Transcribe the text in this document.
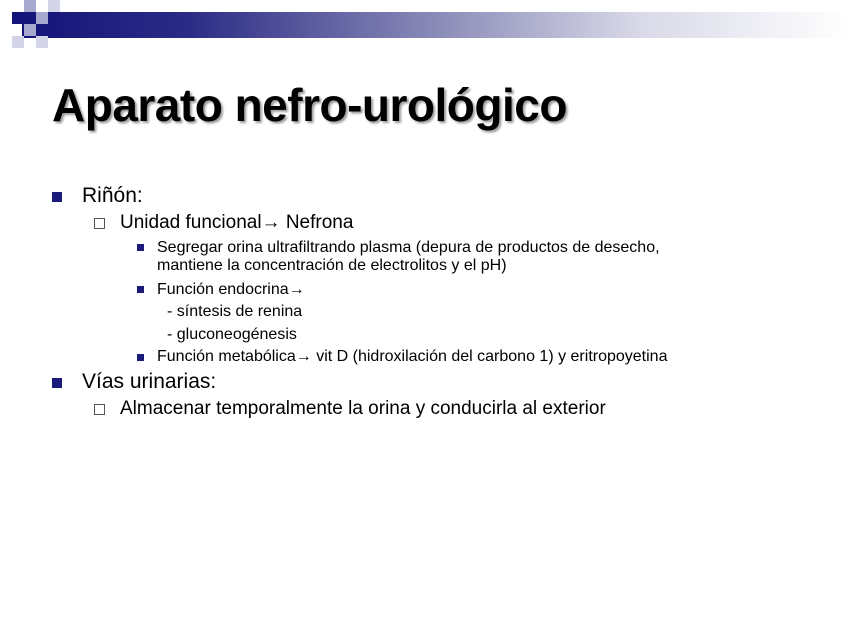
Aparato nefro-urológico
Riñón:
Unidad funcional→ Nefrona
Segregar orina ultrafiltrando plasma (depura de productos de desecho,
mantiene la concentración de electrolitos y el pH)
Función endocrina→
- síntesis de renina
- gluconeogénesis
Función metabólica→ vit D (hidroxilación del carbono 1) y eritropoyetina
Vías urinarias:
Almacenar temporalmente la orina y conducirla al exterior
